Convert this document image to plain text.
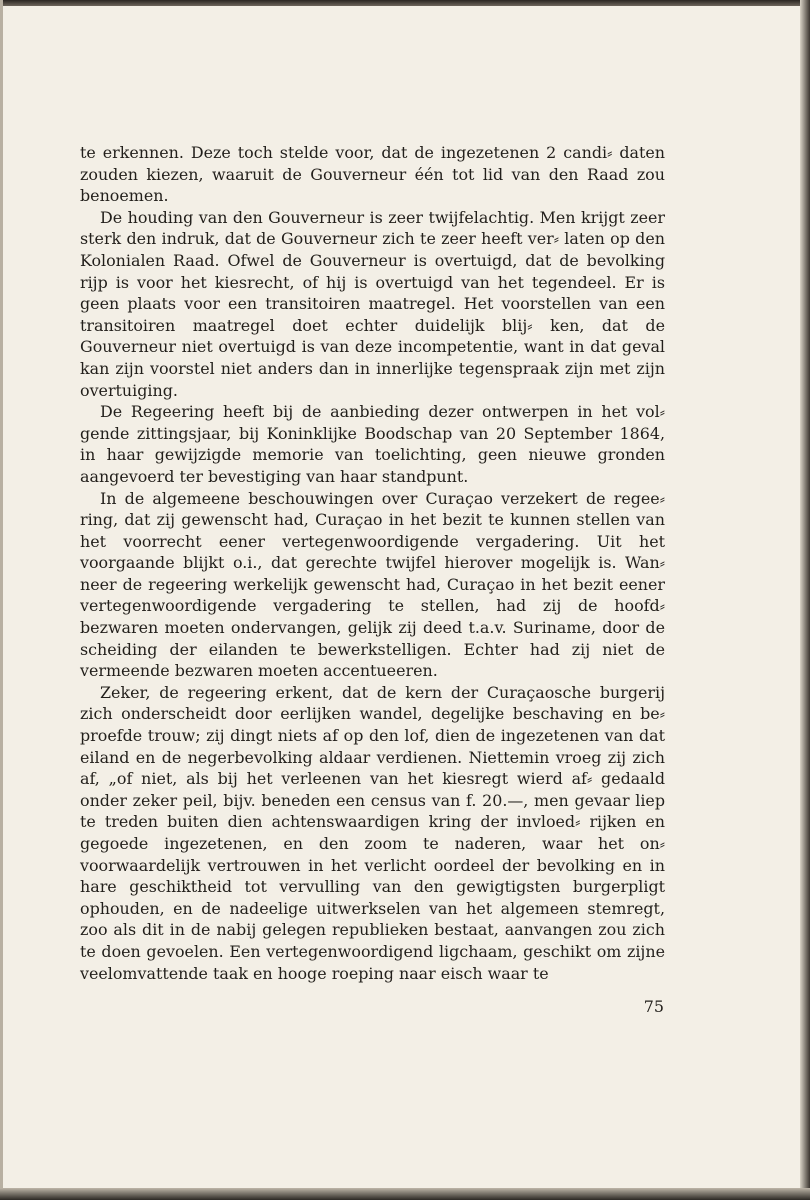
te erkennen. Deze toch stelde voor, dat de ingezetenen 2 candi⸗ daten zouden kiezen, waaruit de Gouverneur één tot lid van den Raad zou benoemen.

De houding van den Gouverneur is zeer twijfelachtig. Men krijgt zeer sterk den indruk, dat de Gouverneur zich te zeer heeft ver⸗ laten op den Kolonialen Raad. Ofwel de Gouverneur is overtuigd, dat de bevolking rijp is voor het kiesrecht, of hij is overtuigd van het tegendeel. Er is geen plaats voor een transitoiren maatregel. Het voorstellen van een transitoiren maatregel doet echter duidelijk blij⸗ ken, dat de Gouverneur niet overtuigd is van deze incompetentie, want in dat geval kan zijn voorstel niet anders dan in innerlijke tegenspraak zijn met zijn overtuiging.

De Regeering heeft bij de aanbieding dezer ontwerpen in het vol⸗ gende zittingsjaar, bij Koninklijke Boodschap van 20 September 1864, in haar gewijzigde memorie van toelichting, geen nieuwe gronden aangevoerd ter bevestiging van haar standpunt.

In de algemeene beschouwingen over Curaçao verzekert de regee⸗ ring, dat zij gewenscht had, Curaçao in het bezit te kunnen stellen van het voorrecht eener vertegenwoordigende vergadering. Uit het voorgaande blijkt o.i., dat gerechte twijfel hierover mogelijk is. Wan⸗ neer de regeering werkelijk gewenscht had, Curaçao in het bezit eener vertegenwoordigende vergadering te stellen, had zij de hoofd⸗ bezwaren moeten ondervangen, gelijk zij deed t.a.v. Suriname, door de scheiding der eilanden te bewerkstelligen. Echter had zij niet de vermeende bezwaren moeten accentueeren.

Zeker, de regeering erkent, dat de kern der Curaçaosche burgerij zich onderscheidt door eerlijken wandel, degelijke beschaving en be⸗ proefde trouw; zij dingt niets af op den lof, dien de ingezetenen van dat eiland en de negerbevolking aldaar verdienen. Niettemin vroeg zij zich af, „of niet, als bij het verleenen van het kiesregt wierd af⸗ gedaald onder zeker peil, bijv. beneden een census van f. 20.—, men gevaar liep te treden buiten dien achtenswaardigen kring der invloed⸗ rijken en gegoede ingezetenen, en den zoom te naderen, waar het on⸗ voorwaardelijk vertrouwen in het verlicht oordeel der bevolking en in hare geschiktheid tot vervulling van den gewigtigsten burgerpligt ophouden, en de nadeelige uitwerkselen van het algemeen stemregt, zoo als dit in de nabij gelegen republieken bestaat, aanvangen zou zich te doen gevoelen. Een vertegenwoordigend ligchaam, geschikt om zijne veelomvattende taak en hooge roeping naar eisch waar te

75
